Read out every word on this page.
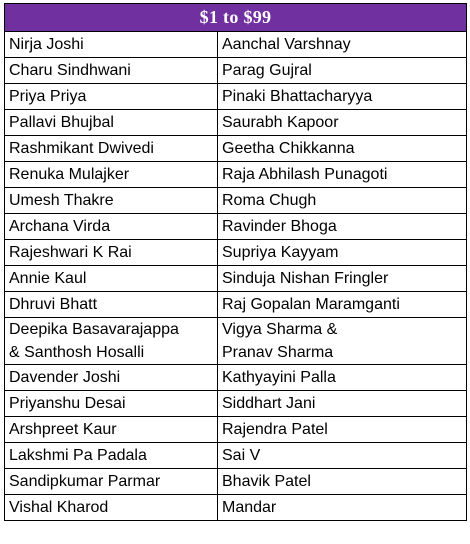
$1 to $99	
Nirja Joshi	Aanchal Varshnay
Charu Sindhwani	Parag Gujral
Priya Priya	Pinaki Bhattacharyya
Pallavi Bhujbal	Saurabh Kapoor
Rashmikant Dwivedi	Geetha Chikkanna
Renuka Mulajker	Raja Abhilash Punagoti
Umesh Thakre	Roma Chugh
Archana Virda	Ravinder Bhoga
Rajeshwari K Rai	Supriya Kayyam
Annie Kaul	Sinduja Nishan Fringler
Dhruvi Bhatt	Raj Gopalan Maramganti

Deepika Basavarajappa
& Santhosh Hosalli	Vigya Sharma &
Pranav Sharma

Davender Joshi	Kathyayini Palla
Priyanshu Desai	Siddhart Jani
Arshpreet Kaur	Rajendra Patel
Lakshmi Pa Padala	Sai V
Sandipkumar Parmar	Bhavik Patel
Vishal Kharod	Mandar
